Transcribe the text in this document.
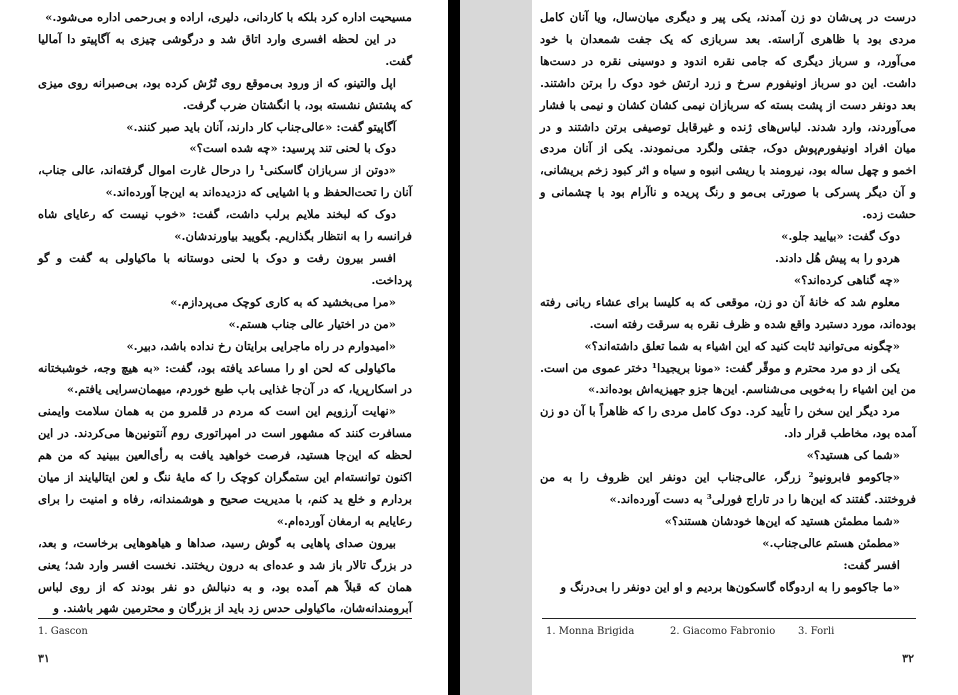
مسیحیت اداره کرد بلکه با کاردانی، دلیری، اراده و بی‌رحمی اداره می‌شود.»

در این لحظه افسری وارد اتاق شد و درگوشی چیزی به آگاپیتو دا آمالیا گفت.

اپل والتینو، که از ورود بی‌موقع روی تُرُش کرده بود، بی‌صبرانه روی میزی که پشتش نشسته بود، با انگشتان ضرب گرفت.

آگاپیتو گفت: «عالی‌جناب کار دارند، آنان باید صبر کنند.»

دوک با لحنی تند پرسید: «چه شده است؟»

«دوتن از سربازان گاسکنی¹ را درحال غارت اموال گرفته‌اند، عالی جناب، آنان را تحت‌الحفظ و با اشیایی که دزدیده‌اند به این‌جا آورده‌اند.»

دوک که لبخند ملایم برلب داشت، گفت: «خوب نیست که رعایای شاه فرانسه را به انتظار بگذاریم. بگویید بیاورندشان.»

افسر بیرون رفت و دوک با لحنی دوستانه با ماکیاولی به گفت و گو پرداخت.

«مرا می‌بخشید که به کاری کوچک می‌پردازم.»

«من در اختیار عالی جناب هستم.»

«امیدوارم در راه ماجرایی برایتان رخ نداده باشد، دبیر.»

ماکیاولی که لحن او را مساعد یافته بود، گفت: «به هیچ وجه، خوشبختانه در اسکارپریا، که در آن‌جا غذایی باب طبع خوردم، میهمان‌سرایی یافتم.»

«نهایت آرزویم این است که مردم در قلمرو من به همان سلامت وایمنی مسافرت کنند که مشهور است در امپراتوری روم آنتونین‌ها می‌کردند. در این لحظه که این‌جا هستید، فرصت خواهید یافت به رأی‌العین ببینید که من هم اکنون توانسته‌ام این ستمگران کوچک را که مایهٔ ننگ و لعن ایتالیایند از میان بردارم و خلع ید کنم، با مدیریت صحیح و هوشمندانه، رفاه و امنیت را برای رعایایم به ارمغان آورده‌ام.»

بیرون صدای پاهایی به گوش رسید، صداها و هیاهوهایی برخاست، و بعد، در بزرگ تالار باز شد و عده‌ای به درون ریختند. نخست افسر وارد شد؛ یعنی همان که قبلاً هم آمده بود، و به دنبالش دو نفر بودند که از روی لباس آبرومندانه‌شان، ماکیاولی حدس زد باید از بزرگان و محترمین شهر باشند. و

1. Gascon
۳۱

درست در پی‌شان دو زن آمدند، یکی پیر و دیگری میان‌سال، ویا آنان کامل مردی بود با ظاهری آراسته. بعد سربازی که یک جفت شمعدان با خود می‌آورد، و سرباز دیگری که جامی نقره اندود و دوسینی نقره در دست‌ها داشت. این دو سرباز اونیفورم سرخ و زرد ارتش خود دوک را برتن داشتند. بعد دونفر دست از پشت بسته که سربازان نیمی کشان کشان و نیمی با فشار می‌آوردند، وارد شدند. لباس‌های ژنده و غیرقابل توصیفی برتن داشتند و در میان افراد اونیفورم‌پوش دوک، جفتی ولگرد می‌نمودند. یکی از آنان مردی اخمو و چهل ساله بود، نیرومند با ریشی انبوه و سیاه و اثر کبود زخم بریشانی، و آن دیگر پسرکی با صورتی بی‌مو و رنگ پریده و ناآرام بود با چشمانی و حشت زده.

دوک گفت: «بیایید جلو.»

هردو را به پیش هُل دادند.

«چه گناهی کرده‌اند؟»

معلوم شد که خانهٔ آن دو زن، موقعی که به کلیسا برای عشاء ربانی رفته بوده‌اند، مورد دستبرد واقع شده و ظرف نقره به سرقت رفته است.

«چگونه می‌توانید ثابت کنید که این اشیاء به شما تعلق داشته‌اند؟»

یکی از دو مرد محترم و موقّر گفت: «مونا بریجیدا¹ دختر عموی من است. من این اشیاء را به‌خوبی می‌شناسم. این‌ها جزو جهیزیه‌اش بوده‌اند.»

مرد دیگر این سخن را تأیید کرد. دوک کامل مردی را که ظاهراً با آن دو زن آمده بود، مخاطب قرار داد.

«شما کی هستید؟»

«جاکومو فابرونیو² زرگر، عالی‌جناب این دونفر این ظروف را به من فروختند. گفتند که این‌ها را در تاراج فورلی³ به دست آورده‌اند.»

«شما مطمئن هستید که این‌ها خودشان هستند؟»

«مطمئن هستم عالی‌جناب.»

افسر گفت:

«ما جاکومو را به اردوگاه گاسکون‌ها بردیم و او این دونفر را بی‌درنگ و

1. Monna Brigida	2. Giacomo Fabronio 3. Forli
۳۲
